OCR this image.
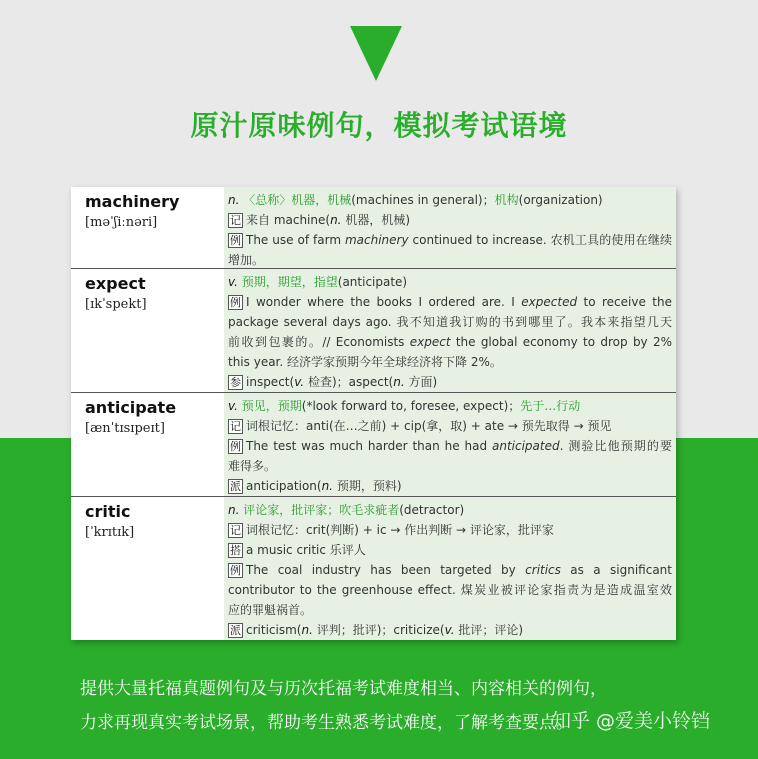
原汁原味例句，模拟考试语境
machinery
[məˈʃiːnəri]
n. 〈总称〉机器，机械(machines in general)；机构(organization)
记 来自 machine(n. 机器，机械)
例 The use of farm machinery continued to increase. 农机工具的使用在继续
增加。
expect
[ɪkˈspekt]
v. 预期，期望，指望(anticipate)
例 I wonder where the books I ordered are. I expected to receive the
package several days ago. 我不知道我订购的书到哪里了。我本来指望几天
前收到包裹的。// Economists expect the global economy to drop by 2%
this year. 经济学家预期今年全球经济将下降 2%。
参 inspect(v. 检查)；aspect(n. 方面)
anticipate
[ænˈtɪsɪpeɪt]
v. 预见，预期(*look forward to, foresee, expect)；先于…行动
记 词根记忆：anti(在…之前) + cip(拿，取) + ate → 预先取得 → 预见
例 The test was much harder than he had anticipated. 测验比他预期的要
难得多。
派 anticipation(n. 预期，预料)
critic
[ˈkrɪtɪk]
n. 评论家，批评家；吹毛求疵者(detractor)
记 词根记忆：crit(判断) + ic → 作出判断 → 评论家，批评家
搭 a music critic 乐评人
例 The coal industry has been targeted by critics as a significant
contributor to the greenhouse effect. 煤炭业被评论家指责为是造成温室效
应的罪魁祸首。
派 criticism(n. 评判；批评)；criticize(v. 批评；评论)
提供大量托福真题例句及与历次托福考试难度相当、内容相关的例句，
力求再现真实考试场景，帮助考生熟悉考试难度，了解考查要点。
知乎 @爱美小铃铛
